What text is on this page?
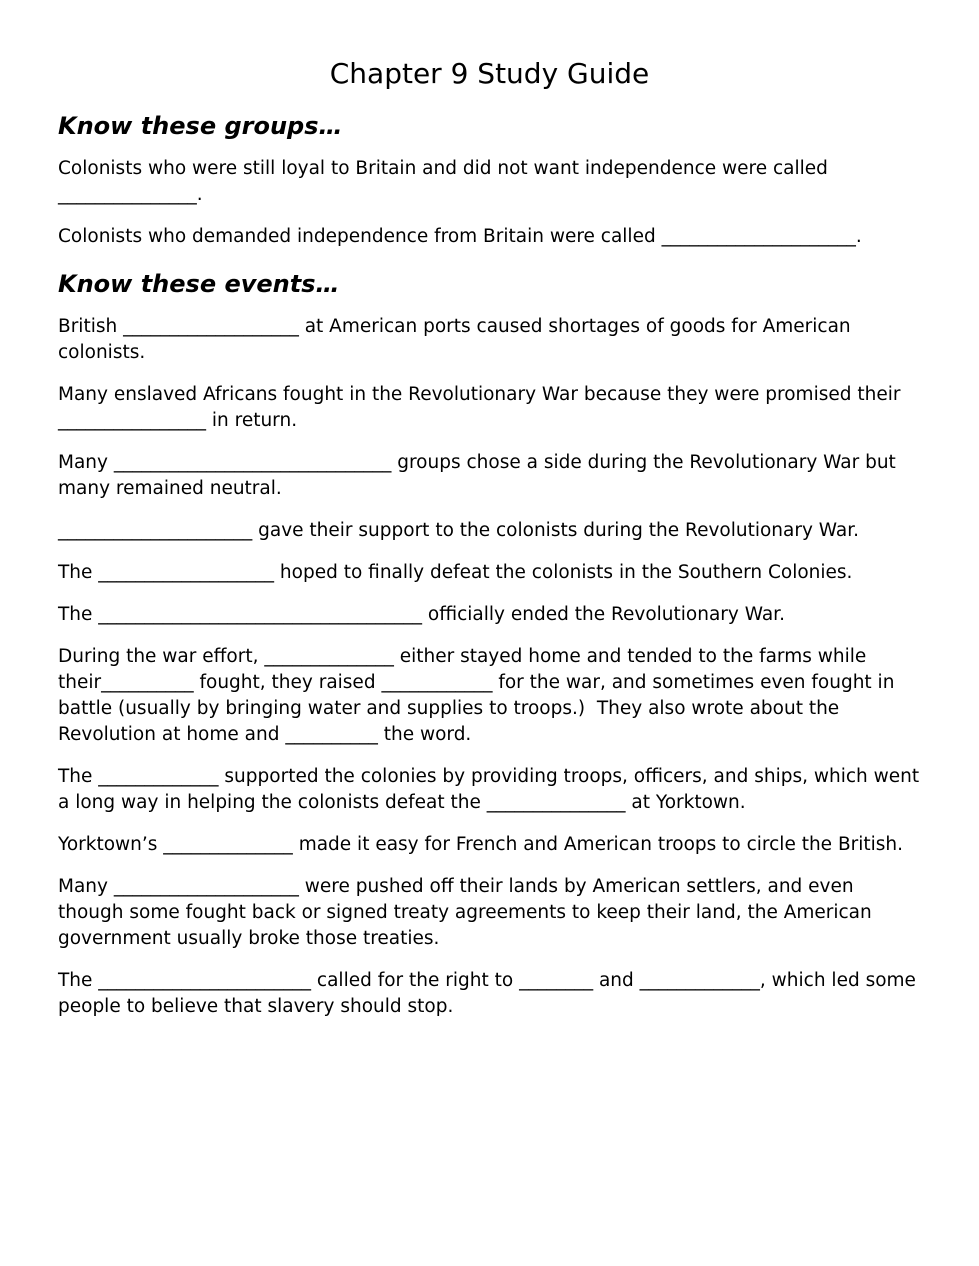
Chapter 9 Study Guide
Know these groups…

Colonists who were still loyal to Britain and did not want independence were called _______________.

Colonists who demanded independence from Britain were called _____________________.

Know these events…

British ___________________ at American ports caused shortages of goods for American colonists.

Many enslaved Africans fought in the Revolutionary War because they were promised their ________________ in return.

Many ______________________________ groups chose a side during the Revolutionary War but many remained neutral.

_____________________ gave their support to the colonists during the Revolutionary War.

The ___________________ hoped to finally defeat the colonists in the Southern Colonies.

The ___________________________________ officially ended the Revolutionary War.

During the war effort, ______________ either stayed home and tended to the farms while their__________ fought, they raised ____________ for the war, and sometimes even fought in battle (usually by bringing water and supplies to troops.)  They also wrote about the Revolution at home and __________ the word.

The _____________ supported the colonies by providing troops, officers, and ships, which went a long way in helping the colonists defeat the _______________ at Yorktown.

Yorktown’s ______________ made it easy for French and American troops to circle the British.

Many ____________________ were pushed off their lands by American settlers, and even though some fought back or signed treaty agreements to keep their land, the American government usually broke those treaties.

The _______________________ called for the right to ________ and _____________, which led some people to believe that slavery should stop.
